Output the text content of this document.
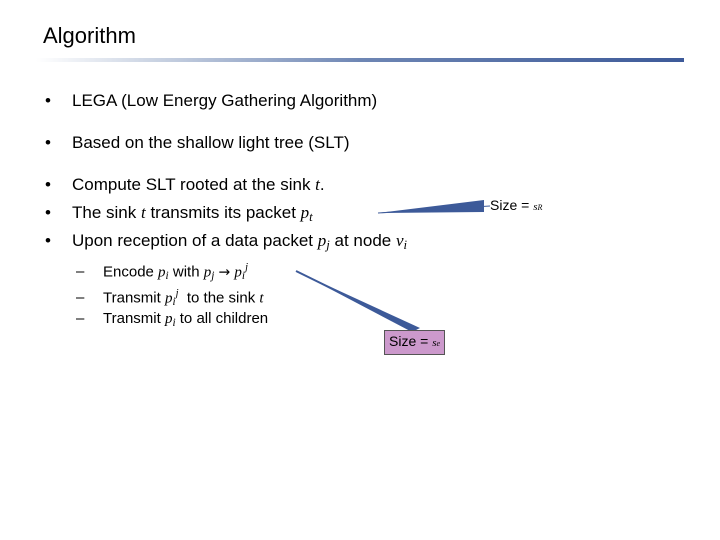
Algorithm
• LEGA (Low Energy Gathering Algorithm)
• Based on the shallow light tree (SLT)
• Compute SLT rooted at the sink t.
• The sink t transmits its packet pt
• Upon reception of a data packet pj at node vi
– Encode pi with pj → $pi^j$
– Transmit $pi^j$  to the sink t
– Transmit pi to all children
Size = sR
Size = se
